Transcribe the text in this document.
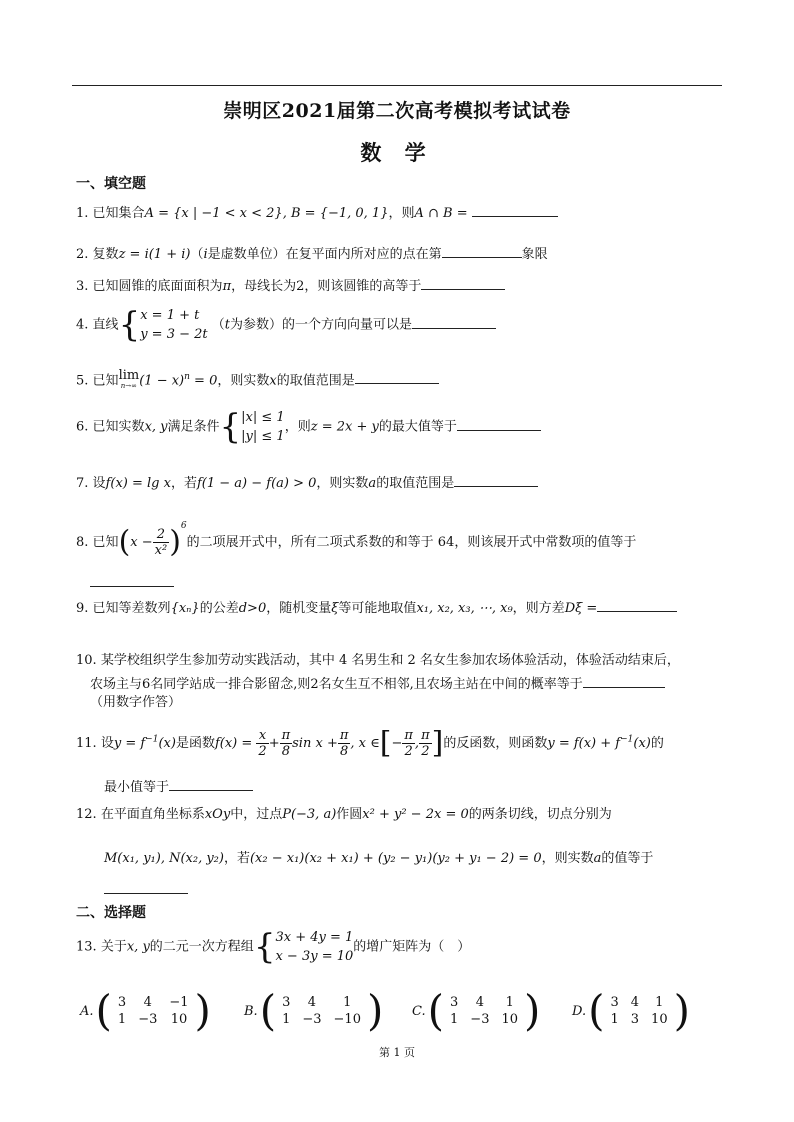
崇明区2021届第二次高考模拟考试试卷
数 学
一、填空题
1. 已知集合A = {x | −1 < x < 2}, B = {−1, 0, 1}，则A ∩ B =
2. 复数z = i(1 + i)（i是虚数单位）在复平面内所对应的点在第	象限
3. 已知圆锥的底面面积为π，母线长为2，则该圆锥的高等于
4. 直线{ x = 1 + t
y = 3 − 2t
（t为参数）的一个方向向量可以是
5. 已知lim
n→∞ $(1 - x)^n = 0$，则实数x的取值范围是
6. 已知实数x, y满足条件{ |x| ≤ 1
|y| ≤ 1
，则z = 2x + y的最大值等于
7. 设f(x) = lg x，若f(1 − a) − f(a) > 0，则实数a的取值范围是
8. 已知$(x - \frac{2}{\text{x²}} )^6$的二项展开式中，所有二项式系数的和等于 64，则该展开式中常数项的值等于
9. 已知等差数列{xₙ}的公差d>0，随机变量ξ等可能地取值x₁, x₂, x₃, ⋯, x₉，则方差Dξ =
10. 某学校组织学生参加劳动实践活动，其中 4 名男生和 2 名女生参加农场体验活动，体验活动结束后，
农场主与6名同学站成一排合影留念,则2名女生互不相邻,且农场主站在中间的概率等于
（用数字作答）
11. 设$y = f^{-1}(x)$是函数$f(x) = \frac{x}{2} + \frac{\pi}{8}$ $\sin x + \frac{\pi}{8}$ , x ∈[− $\frac{\pi}{2}$ , $\frac{\pi}{2}$ ]的反函数，则函数$y = f(x) + f^{-1}(x)$的
最小值等于
12. 在平面直角坐标系xOy中，过点P(−3, a)作圆x² + y² − 2x = 0的两条切线，切点分别为
M(x₁, y₁), N(x₂, y₂)，若(x₂ − x₁)(x₂ + x₁) + (y₂ − y₁)(y₂ + y₁ − 2) = 0，则实数a的值等于
二、选择题
13. 关于x, y的二元一次方程组{ 3x + 4y = 1
x − 3y = 10
的增广矩阵为（　）
A. ( 3	4	−1
1	−3	10 )	B. ( 3	4	1
1	−3	−10 ) C. ( 3	4	1
1	−3	10 ) D. ( 3	4	1
1	3	10 )
第 1 页
